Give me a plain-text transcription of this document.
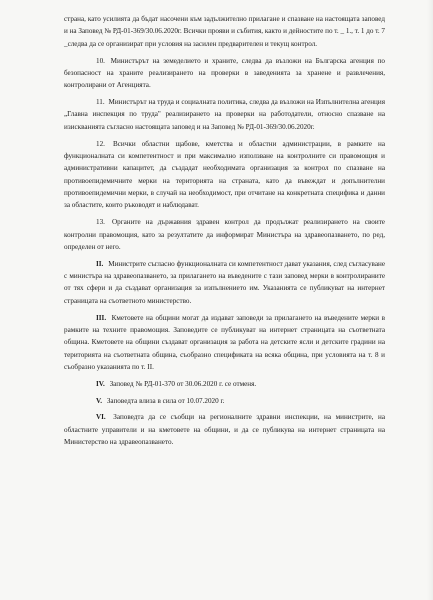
страна, като усилията да бъдат насочени към задължително прилагане и спазване на настоящата заповед и на Заповед № РД-01-369/30.06.2020г. Всички прояви и събития, както и дейностите по т. _ 1., т. 1 до т. 7 _следва да се организират при условия на засилен предварителен и текущ контрол.

10. Министърът на земеделието и храните, следва да възложи на Българска агенция по безопасност на храните реализирането на проверки в заведенията за хранене и развлечения, контролирани от Агенцията.

11. Министърът на труда и социалната политика, следва да възложи на Изпълнителна агенция „Главна инспекция по труда" реализирането на проверки на работодатели, относно спазване на изискванията съгласно настоящата заповед и на Заповед № РД-01-369/30.06.2020г.

12. Всички областни щабове, кметства и областни администрации, в рамките на функционалната си компетентност и при максимално използване на контролните си правомощия и административни капацитет, да създадат необходимата организация за контрол по спазване на противоепидемичните мерки на територията на страната, като да въвеждат и допълнителни противоепидемични мерки, в случай на необходимост, при отчитане на конкретната специфика и данни за областите, които ръководят и наблюдават.

13. Органите на държавния здравен контрол да продължат реализирането на своите контролни правомощия, като за резултатите да информират Министъра на здравеопазването, по ред, определен от него.

II. Министрите съгласно функционалната си компетентност дават указания, след съгласуване с министъра на здравеопазването, за прилагането на въведените с тази заповед мерки в контролираните от тях сфери и да създават организация за изпълнението им. Указанията се публикуват на интернет страницата на съответното министерство.

III. Кметовете на общини могат да издават заповеди за прилагането на въведените мерки в рамките на техните правомощия. Заповедите се публикуват на интернет страницата на съответната община. Кметовете на общини създават организация за работа на детските ясли и детските градини на територията на съответната община, съобразно спецификата на всяка община, при условията на т. 8 и съобразно указанията по т. II.

IV. Заповед № РД-01-370 от 30.06.2020 г. се отменя.

V. Заповедта влиза в сила от 10.07.2020 г.

VI. Заповедта да се съобщи на регионалните здравни инспекции, на министрите, на областните управители и на кметовете на общини, и да се публикува на интернет страницата на Министерство на здравеопазването.
